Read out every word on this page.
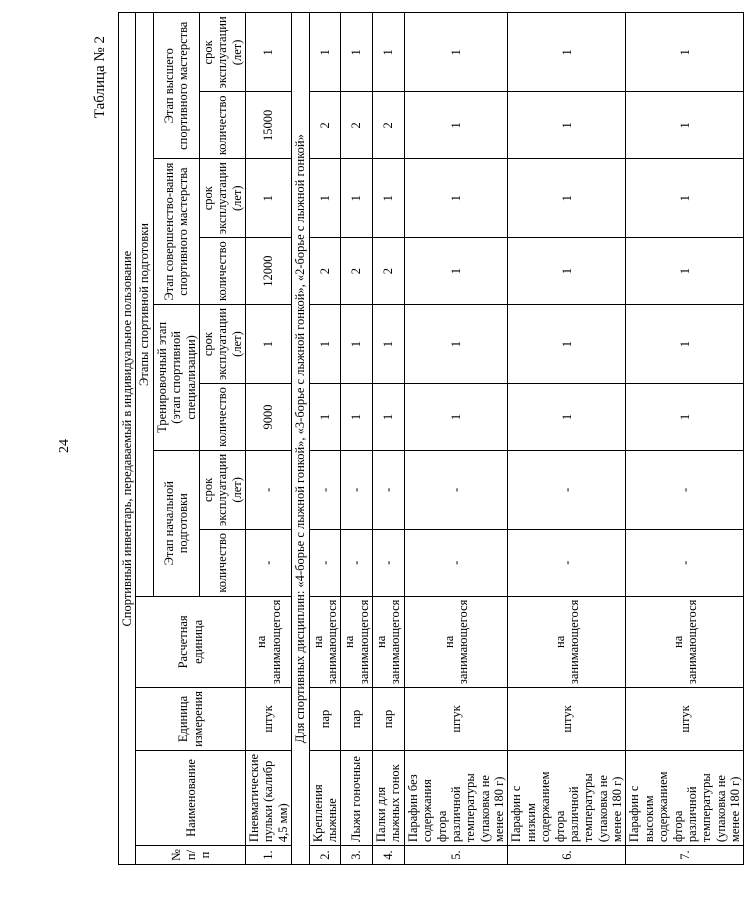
24
Таблица № 2
Спортивный инвентарь, передаваемый в индивидуальное пользование											
№ п/п	Наименование	Единица измерения	Расчетная единица	Этапы спортивной подготовки							
				Этап начальной подготовки		Тренировочный этап (этап спортивной специализации)		Этап совершенство-вания спортивного мастерства		Этап высшего спортивного мастерства	
				количество	срок эксплуатации (лет)	количество	срок эксплуатации (лет)	количество	срок эксплуатации (лет)	количество	срок эксплуатации (лет)
1.	Пневматические пульки (калибр 4,5 мм)	штук	на занимающегося	-	-	9000	1	12000	1	15000	1
Для спортивных дисциплин: «4-борье с лыжной гонкой», «3-борье с лыжной гонкой», «2-борье с лыжной гонкой»											
2.	Крепления лыжные	пар	на занимающегося	-	-	1	1	2	1	2	1
3.	Лыжи гоночные	пар	на занимающегося	-	-	1	1	2	1	2	1
4.	Палки для лыжных гонок	пар	на занимающегося	-	-	1	1	2	1	2	1
5.	Парафин без содержания фтора различной температуры (упаковка не менее 180 г)	штук	на занимающегося	-	-	1	1	1	1	1	1
6.	Парафин с низким содержанием фтора различной температуры (упаковка не менее 180 г)	штук	на занимающегося	-	-	1	1	1	1	1	1
7.	Парафин с высоким содержанием фтора различной температуры (упаковка не менее 180 г)	штук	на занимающегося	-	-	1	1	1	1	1	1
